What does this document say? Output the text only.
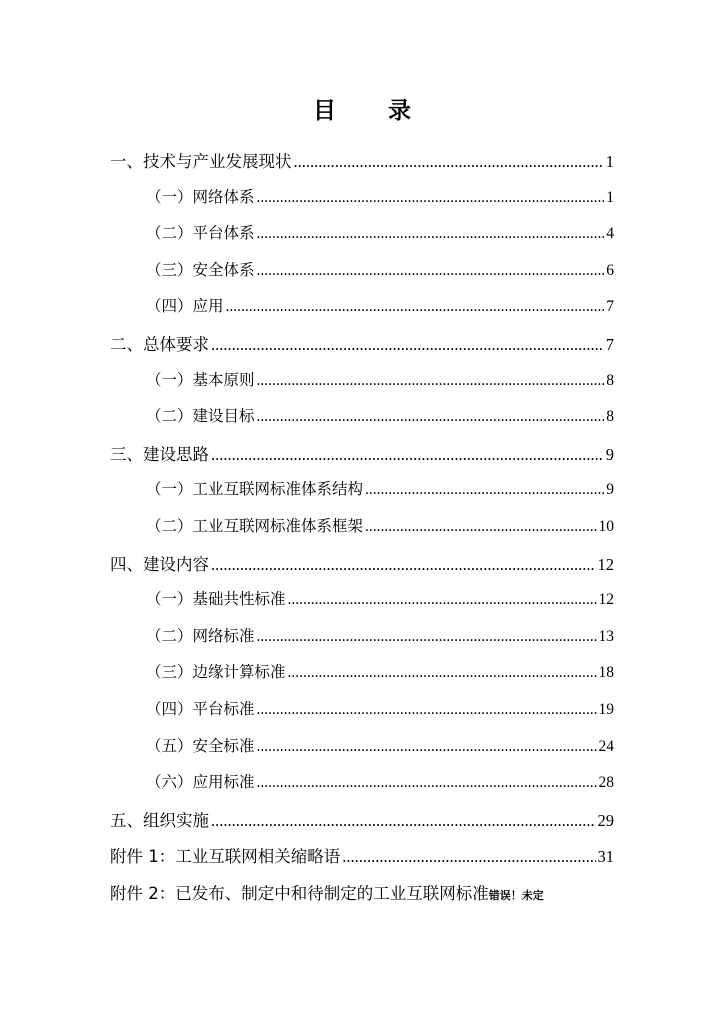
目 录
一、技术与产业发展现状 .....	1
（一）网络体系 .....	1
（二）平台体系 .....	4
（三）安全体系 .....	6
（四）应用 .....	7
二、总体要求 .....	7
（一）基本原则 .....	8
（二）建设目标 .....	8
三、建设思路 .....	9
（一）工业互联网标准体系结构 .....	9
（二）工业互联网标准体系框架 .....	10
四、建设内容 .....	12
（一）基础共性标准 .....	12
（二）网络标准 .....	13
（三）边缘计算标准 .....	18
（四）平台标准 .....	19
（五）安全标准 .....	24
（六）应用标准 .....	28
五、组织实施 .....	29
附件 1：工业互联网相关缩略语 .....	31
附件 2：已发布、制定中和待制定的工业互联网标准 错误！未定
